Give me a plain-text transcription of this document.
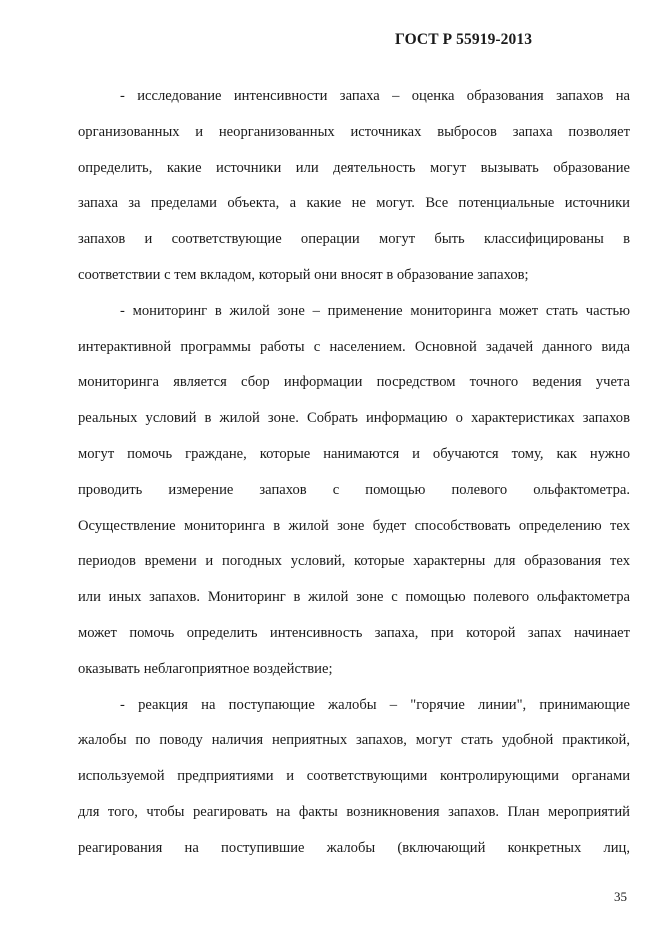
ГОСТ Р 55919-2013
- исследование интенсивности запаха – оценка образования запахов на
организованных и неорганизованных источниках выбросов запаха позволяет
определить, какие источники или деятельность могут вызывать образование
запаха за пределами объекта, а какие не могут. Все потенциальные источники
запахов и соответствующие операции могут быть классифицированы в
соответствии с тем вкладом, который они вносят в образование запахов;
- мониторинг в жилой зоне – применение мониторинга может стать частью
интерактивной программы работы с населением. Основной задачей данного вида
мониторинга является сбор информации посредством точного ведения учета
реальных условий в жилой зоне. Собрать информацию о характеристиках запахов
могут помочь граждане, которые нанимаются и обучаются тому, как нужно
проводить измерение запахов с помощью полевого ольфактометра.
Осуществление мониторинга в жилой зоне будет способствовать определению тех
периодов времени и погодных условий, которые характерны для образования тех
или иных запахов. Мониторинг в жилой зоне с помощью полевого ольфактометра
может помочь определить интенсивность запаха, при которой запах начинает
оказывать неблагоприятное воздействие;
- реакция на поступающие жалобы – "горячие линии", принимающие
жалобы по поводу наличия неприятных запахов, могут стать удобной практикой,
используемой предприятиями и соответствующими контролирующими органами
для того, чтобы реагировать на факты возникновения запахов. План мероприятий
реагирования на поступившие жалобы (включающий конкретных лиц,
35
